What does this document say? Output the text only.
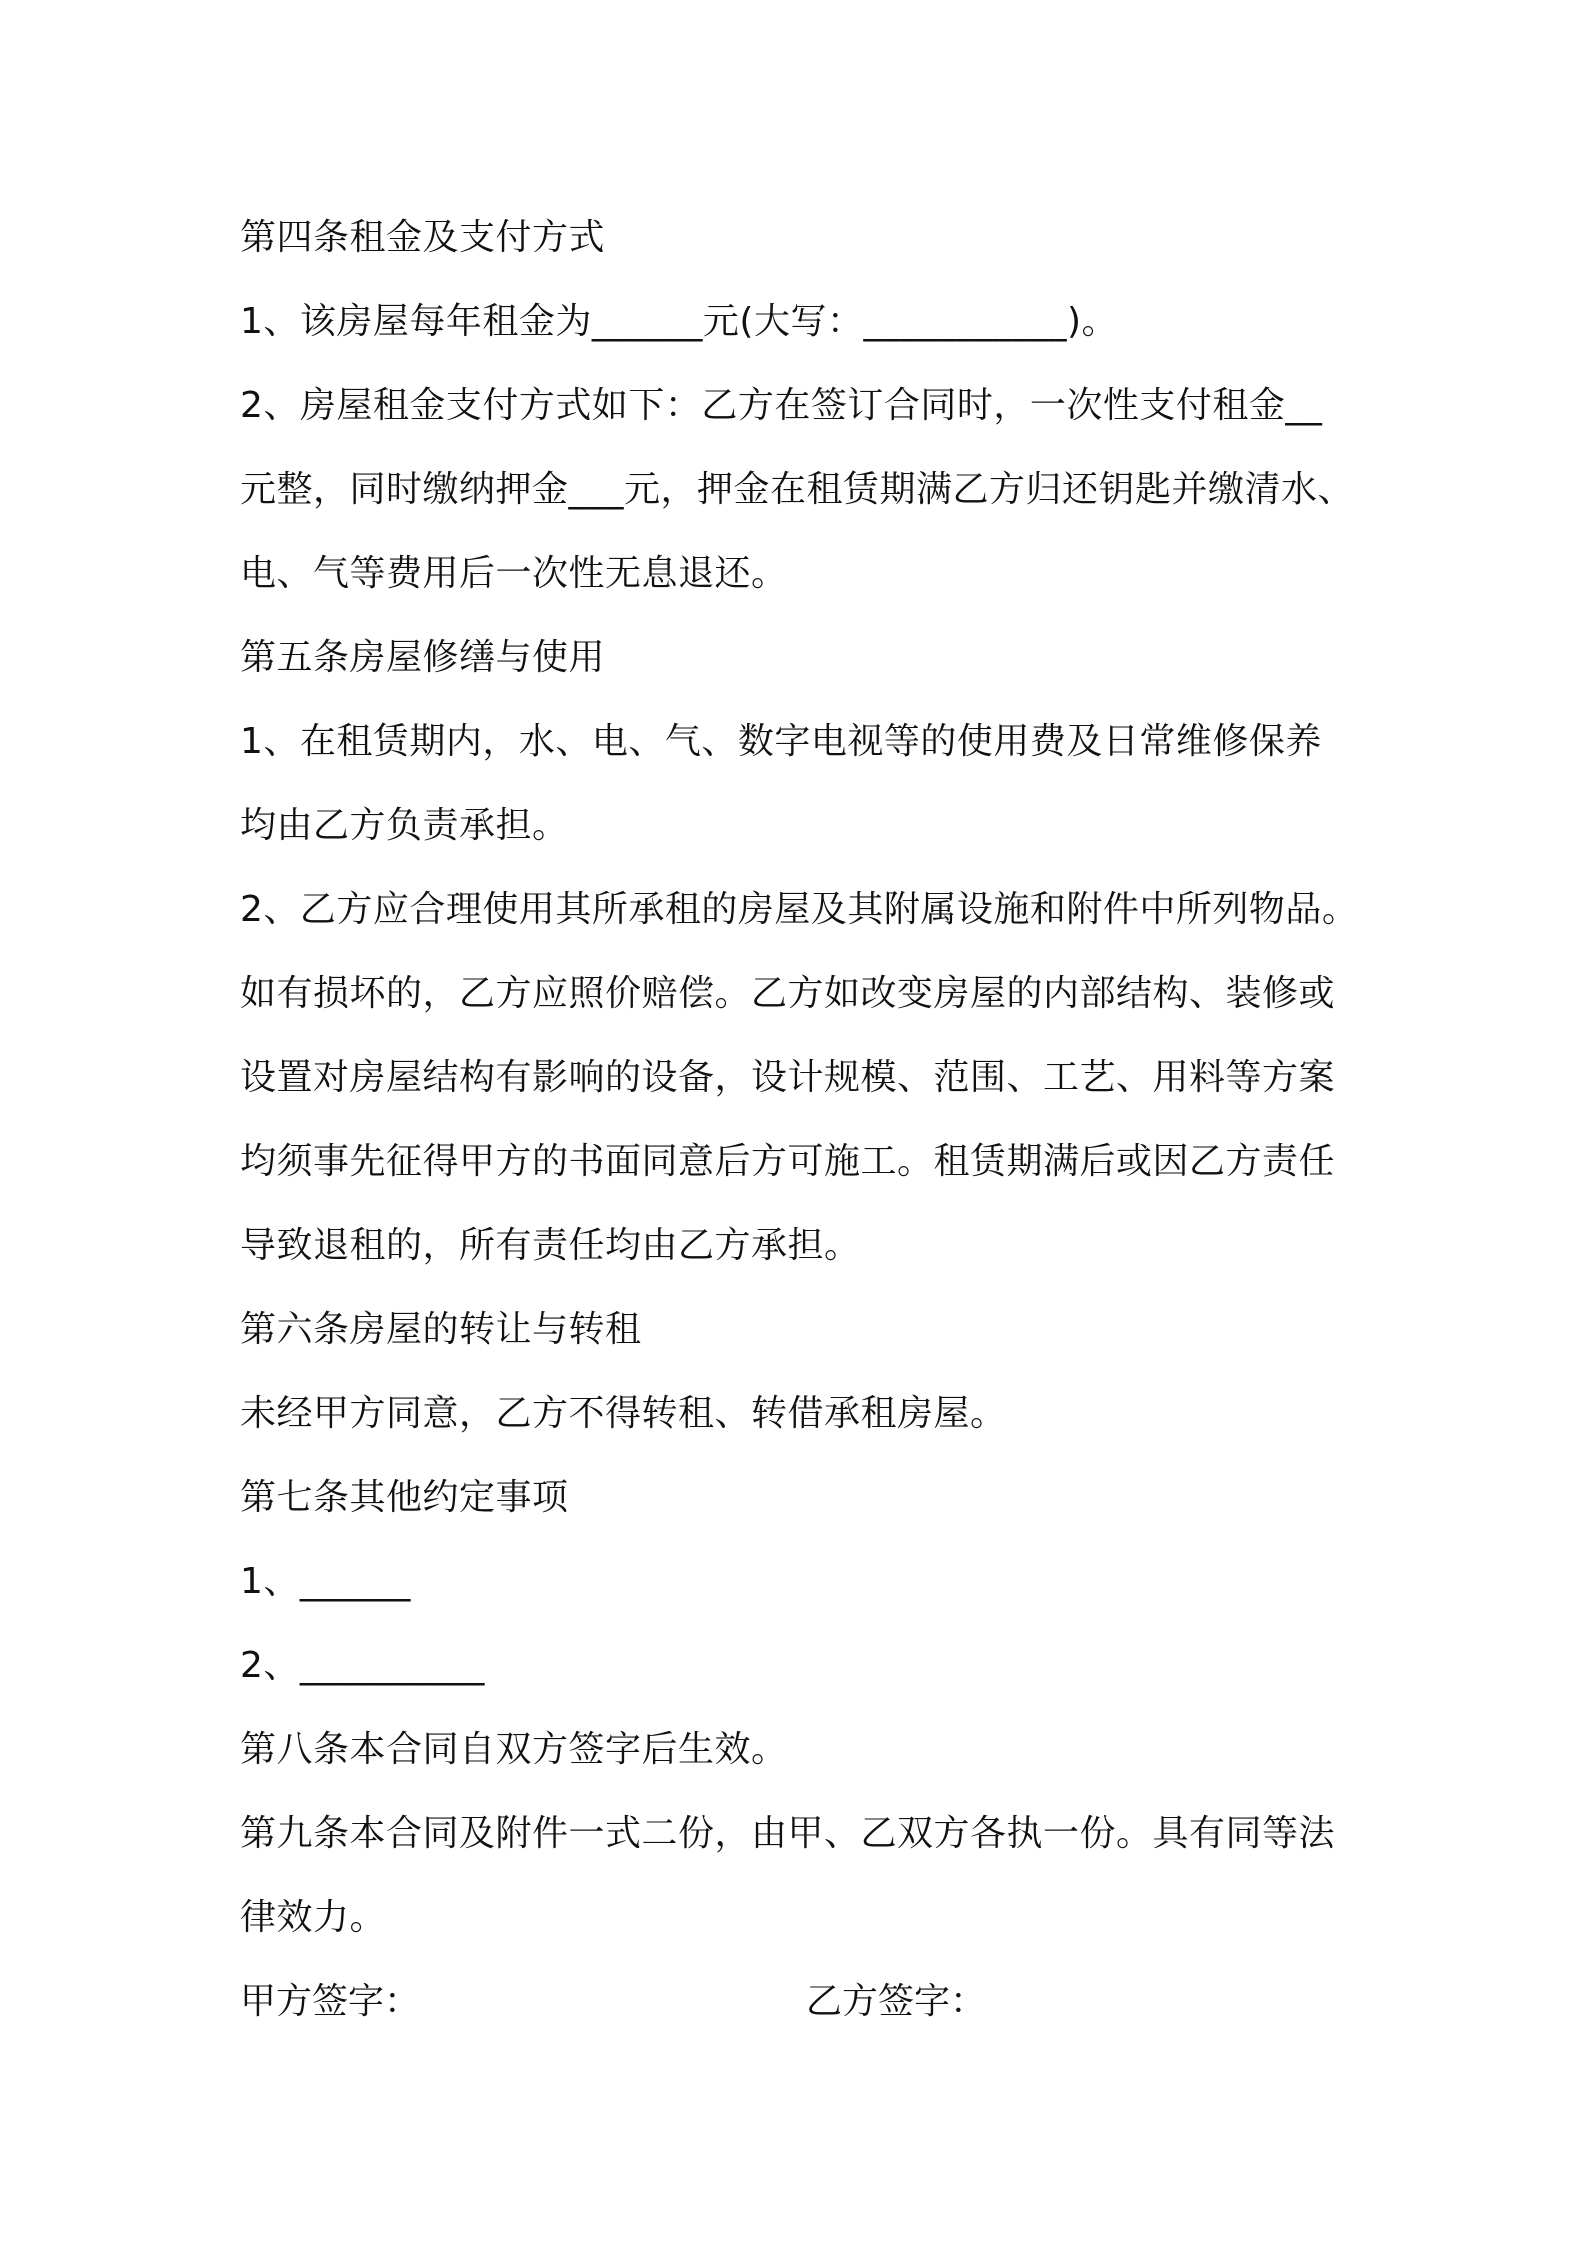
第四条租金及支付方式
1、该房屋每年租金为______元(大写：___________)。
2、房屋租金支付方式如下：乙方在签订合同时，一次性支付租金__
元整，同时缴纳押金___元，押金在租赁期满乙方归还钥匙并缴清水、
电、气等费用后一次性无息退还。
第五条房屋修缮与使用
1、在租赁期内，水、电、气、数字电视等的使用费及日常维修保养
均由乙方负责承担。
2、乙方应合理使用其所承租的房屋及其附属设施和附件中所列物品。
如有损坏的，乙方应照价赔偿。乙方如改变房屋的内部结构、装修或
设置对房屋结构有影响的设备，设计规模、范围、工艺、用料等方案
均须事先征得甲方的书面同意后方可施工。租赁期满后或因乙方责任
导致退租的，所有责任均由乙方承担。
第六条房屋的转让与转租
未经甲方同意，乙方不得转租、转借承租房屋。
第七条其他约定事项
1、______
2、__________
第八条本合同自双方签字后生效。
第九条本合同及附件一式二份，由甲、乙双方各执一份。具有同等法
律效力。
甲方签字：	乙方签字：
